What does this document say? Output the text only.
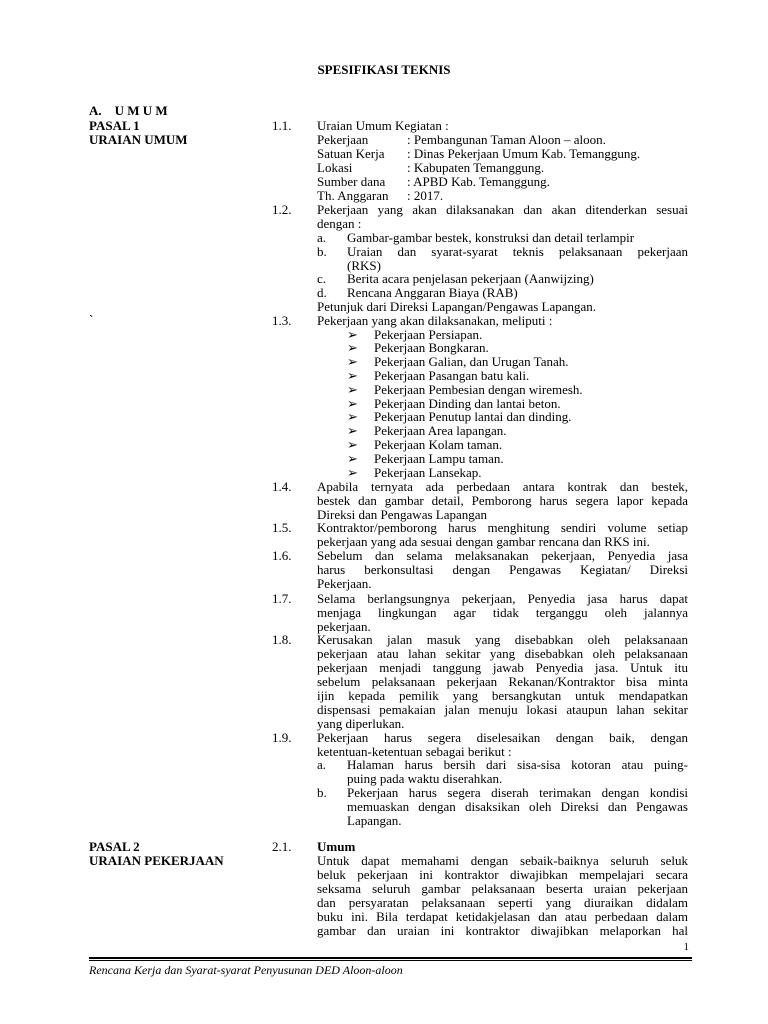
SPESIFIKASI TEKNIS
A.    U M U M
PASAL 1
URAIAN UMUM
`
1.1. Uraian Umum Kegiatan :
Pekerjaan	: Pembangunan Taman Aloon – aloon.
Satuan Kerja : Dinas Pekerjaan Umum Kab. Temanggung.
Lokasi	: Kabupaten Temanggung.
Sumber dana : APBD Kab. Temanggung.
Th. Anggaran : 2017.
1.2. Pekerjaan yang akan dilaksanakan dan akan ditenderkan sesuai
dengan :
a. Gambar-gambar bestek, konstruksi dan detail terlampir
b. Uraian dan syarat-syarat teknis pelaksanaan pekerjaan
(RKS)
c. Berita acara penjelasan pekerjaan (Aanwijzing)
d. Rencana Anggaran Biaya (RAB)
Petunjuk dari Direksi Lapangan/Pengawas Lapangan.
1.3. Pekerjaan yang akan dilaksanakan, meliputi :
➢ Pekerjaan Persiapan.
➢ Pekerjaan Bongkaran.
➢ Pekerjaan Galian, dan Urugan Tanah.
➢ Pekerjaan Pasangan batu kali.
➢ Pekerjaan Pembesian dengan wiremesh.
➢ Pekerjaan Dinding dan lantai beton.
➢ Pekerjaan Penutup lantai dan dinding.
➢ Pekerjaan Area lapangan.
➢ Pekerjaan Kolam taman.
➢ Pekerjaan Lampu taman.
➢ Pekerjaan Lansekap.
1.4. Apabila ternyata ada perbedaan antara kontrak dan bestek,
bestek dan gambar detail, Pemborong harus segera lapor kepada
Direksi dan Pengawas Lapangan
1.5. Kontraktor/pemborong harus menghitung sendiri volume setiap
pekerjaan yang ada sesuai dengan gambar rencana dan RKS ini.
1.6. Sebelum dan selama melaksanakan pekerjaan, Penyedia jasa
harus berkonsultasi dengan Pengawas Kegiatan/ Direksi
Pekerjaan.
1.7. Selama berlangsungnya pekerjaan, Penyedia jasa harus dapat
menjaga lingkungan agar tidak terganggu oleh jalannya
pekerjaan.
1.8. Kerusakan jalan masuk yang disebabkan oleh pelaksanaan
pekerjaan atau lahan sekitar yang disebabkan oleh pelaksanaan
pekerjaan menjadi tanggung jawab Penyedia jasa. Untuk itu
sebelum pelaksanaan pekerjaan Rekanan/Kontraktor bisa minta
ijin kepada pemilik yang bersangkutan untuk mendapatkan
dispensasi pemakaian jalan menuju lokasi ataupun lahan sekitar
yang diperlukan.
1.9. Pekerjaan harus segera diselesaikan dengan baik, dengan
ketentuan-ketentuan sebagai berikut :
a. Halaman harus bersih dari sisa-sisa kotoran atau puing-
puing pada waktu diserahkan.
b. Pekerjaan harus segera diserah terimakan dengan kondisi
memuaskan dengan disaksikan oleh Direksi dan Pengawas
Lapangan.
PASAL 2
URAIAN PEKERJAAN
2.1. Umum
Untuk dapat memahami dengan sebaik-baiknya seluruh seluk
beluk pekerjaan ini kontraktor diwajibkan mempelajari secara
seksama seluruh gambar pelaksanaan beserta uraian pekerjaan
dan persyaratan pelaksanaan seperti yang diuraikan didalam
buku ini. Bila terdapat ketidakjelasan dan atau perbedaan dalam
gambar dan uraian ini kontraktor diwajibkan melaporkan hal
1
Rencana Kerja dan Syarat-syarat Penyusunan DED Aloon-aloon
